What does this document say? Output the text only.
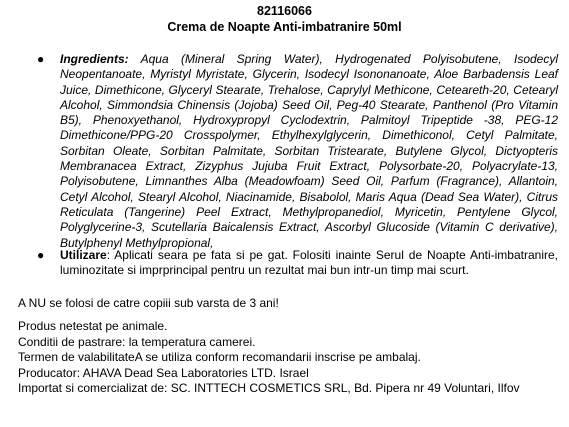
82116066
Crema de Noapte Anti-imbatranire 50ml
● Ingredients: Aqua (Mineral Spring Water), Hydrogenated Polyisobutene, Isodecyl Neopentanoate, Myristyl Myristate, Glycerin, Isodecyl Isononanoate, Aloe Barbadensis Leaf Juice, Dimethicone, Glyceryl Stearate, Trehalose, Caprylyl Methicone, Ceteareth-20, Cetearyl Alcohol, Simmondsia Chinensis (Jojoba) Seed Oil, Peg-40 Stearate, Panthenol (Pro Vitamin B5), Phenoxyethanol, Hydroxypropyl Cyclodextrin, Palmitoyl Tripeptide -38, PEG-12 Dimethicone/PPG-20 Crosspolymer, Ethylhexylglycerin, Dimethiconol, Cetyl Palmitate, Sorbitan Oleate, Sorbitan Palmitate, Sorbitan Tristearate, Butylene Glycol, Dictyopteris Membranacea Extract, Zizyphus Jujuba Fruit Extract, Polysorbate-20, Polyacrylate-13, Polyisobutene, Limnanthes Alba (Meadowfoam) Seed Oil, Parfum (Fragrance), Allantoin, Cetyl Alcohol, Stearyl Alcohol, Niacinamide, Bisabolol, Maris Aqua (Dead Sea Water), Citrus Reticulata (Tangerine) Peel Extract, Methylpropanediol, Myricetin, Pentylene Glycol, Polyglycerine-3, Scutellaria Baicalensis Extract, Ascorbyl Glucoside (Vitamin C derivative), Butylphenyl Methylpropional,
● Utilizare: Aplicati seara pe fata si pe gat. Folositi inainte Serul de Noapte Anti-imbatranire, luminozitate si imprprincipal pentru un rezultat mai bun intr-un timp mai scurt.
A NU se folosi de catre copiii sub varsta de 3 ani!
Produs netestat pe animale.
Conditii de pastrare: la temperatura camerei.
Termen de valabilitateA se utiliza conform recomandarii inscrise pe ambalaj.
Producator: AHAVA Dead Sea Laboratories LTD. Israel
Importat si comercializat de: SC. INTTECH COSMETICS SRL, Bd. Pipera nr 49 Voluntari, Ilfov
